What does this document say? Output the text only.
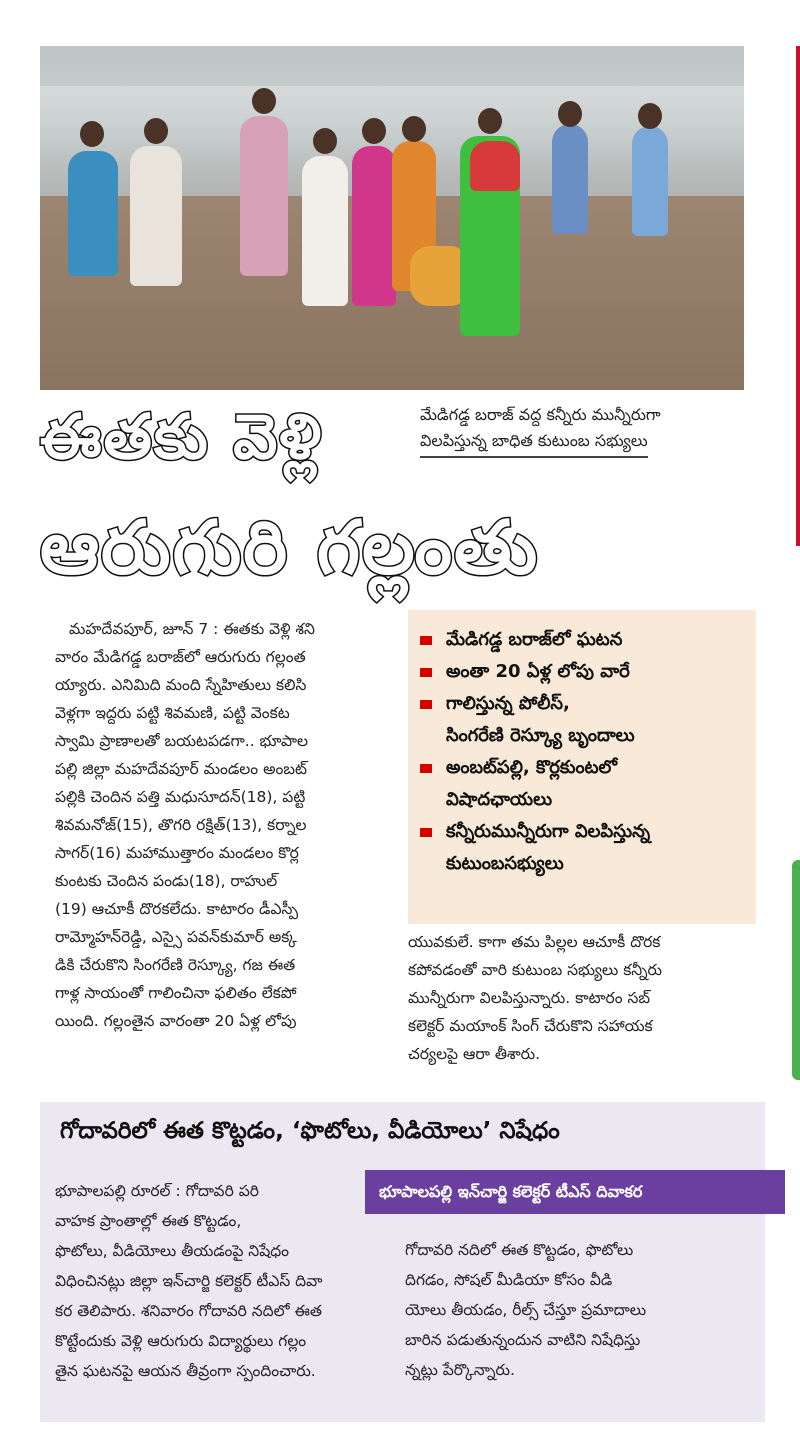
ఈతకు వెళ్లి
ఆరుగురి గల్లంతు
మేడిగడ్డ బరాజ్ వద్ద కన్నీరు మున్నీరుగా
విలపిస్తున్న బాధిత కుటుంబ సభ్యులు
మహదేవపూర్, జూన్ 7 : ఈతకు వెళ్లి శని
వారం మేడిగడ్డ బరాజ్‌లో ఆరుగురు గల్లంత
య్యారు. ఎనిమిది మంది స్నేహితులు కలిసి
వెళ్లగా ఇద్దరు పట్టి శివమణి, పట్టి వెంకట
స్వామి ప్రాణాలతో బయటపడగా.. భూపాల
పల్లి జిల్లా మహదేవపూర్ మండలం అంబట్
పల్లికి చెందిన పత్తి మధుసూదన్(18), పట్టి
శివమనోజ్(15), తొగరి రక్షిత్(13), కర్నాల
సాగర్(16) మహాముత్తారం మండలం కొర్ల
కుంటకు చెందిన పండు(18), రాహుల్
(19) ఆచూకీ దొరకలేదు. కాటారం డీఎస్పీ
రామ్మోహన్‌రెడ్డి, ఎస్సై పవన్‌కుమార్ అక్క
డికి చేరుకొని సింగరేణి రెస్క్యూ, గజ ఈత
గాళ్ల సాయంతో గాలించినా ఫలితం లేకపో
యింది. గల్లంతైన వారంతా 20 ఏళ్ల లోపు
మేడిగడ్డ బరాజ్‌లో ఘటన
అంతా 20 ఏళ్ల లోపు వారే
గాలిస్తున్న పోలీస్,
సింగరేణి రెస్క్యూ బృందాలు
అంబట్‌పల్లి, కొర్లకుంటలో
విషాదఛాయలు
కన్నీరుమున్నీరుగా విలపిస్తున్న
కుటుంబసభ్యులు
యువకులే. కాగా తమ పిల్లల ఆచూకీ దొరక
కపోవడంతో వారి కుటుంబ సభ్యులు కన్నీరు
మున్నీరుగా విలపిస్తున్నారు. కాటారం సబ్
కలెక్టర్ మయాంక్ సింగ్ చేరుకొని సహాయక
చర్యలపై ఆరా తీశారు.
గోదావరిలో ఈత కొట్టడం, ‘ఫొటోలు, వీడియోలు’ నిషేధం
భూపాలపల్లి ఇన్‌చార్జి కలెక్టర్ టీఎస్ దివాకర
భూపాలపల్లి రూరల్ : గోదావరి పరి
వాహక ప్రాంతాల్లో ఈత కొట్టడం,
ఫొటోలు, వీడియోలు తీయడంపై నిషేధం
విధించినట్లు జిల్లా ఇన్‌చార్జి కలెక్టర్ టీఎస్ దివా
కర తెలిపారు. శనివారం గోదావరి నదిలో ఈత
కొట్టేందుకు వెళ్లి ఆరుగురు విద్యార్థులు గల్లం
తైన ఘటనపై ఆయన తీవ్రంగా స్పందించారు.
గోదావరి నదిలో ఈత కొట్టడం, ఫొటోలు
దిగడం, సోషల్ మీడియా కోసం వీడి
యోలు తీయడం, రీల్స్ చేస్తూ ప్రమాదాలు
బారిన పడుతున్నందున వాటిని నిషేధిస్తు
న్నట్లు పేర్కొన్నారు.
